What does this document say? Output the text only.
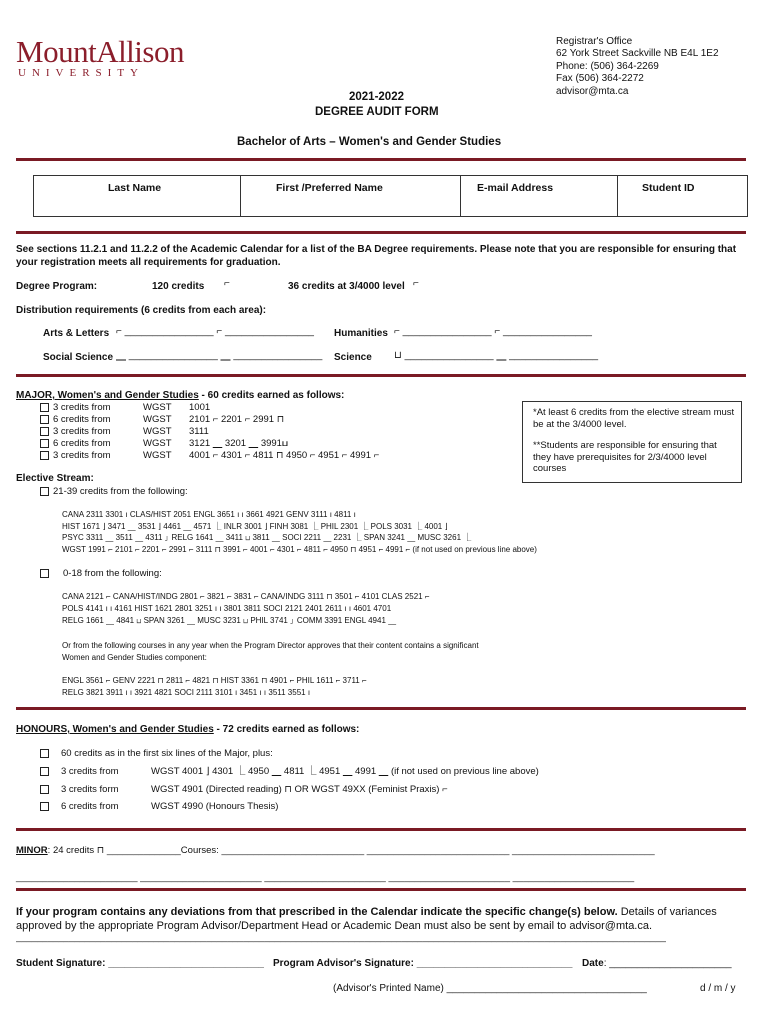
MountAllison
UNIVERSITY
Registrar's Office
62 York Street Sackville NB E4L 1E2
Phone: (506) 364-2269
Fax (506) 364-2272
advisor@mta.ca
2021-2022
DEGREE AUDIT FORM
Bachelor of Arts – Women's and Gender Studies
Last Name	First /Preferred Name	E-mail Address	Student ID
See sections 11.2.1 and 11.2.2 of the Academic Calendar for a list of the BA Degree requirements. Please note that you are responsible for ensuring that
your registration meets all requirements for graduation.
Degree Program:	120 credits ⌐	36 credits at 3/4000 level ⌐
Distribution requirements (6 credits from each area):
Arts & Letters ⌐ ________________ ⌐ ________________ Humanities ⌐ ________________ ⌐ ________________
Social Science ⎽ ________________ ⎽ ________________ Science ⊔ ________________ ⎽ ________________
MAJOR, Women's and Gender Studies - 60 credits earned as follows:
3 credits from	WGST 1001
6 credits from	WGST 2101 ⌐ 2201 ⌐ 2991 ⊓
3 credits from	WGST 3111
6 credits from	WGST 3121 ⎽ 3201 ⎽ 3991⊔
3 credits from	WGST 4001 ⌐ 4301 ⌐ 4811 ⊓ 4950 ⌐ 4951 ⌐ 4991 ⌐
*At least 6 credits from the elective stream must be at the 3/4000 level.
**Students are responsible for ensuring that they have prerequisites for 2/3/4000 level courses
Elective Stream:
21-39 credits from the following:
CANA 2311 3301 ı CLAS/HIST 2051 ENGL 3651 ı ı 3661 4921 GENV 3111 ı 4811 ı
HIST 1671 ⌋ 3471 ⎽ 3531 ⌋ 4461 ⎽ 4571 ⎿ INLR 3001 ⌋ FINH 3081 ⎿ PHIL 2301 ⎿ POLS 3031 ⎿ 4001 ⌋
PSYC 3311 ⎽ 3511 ⎽ 4311 ⌋ RELG 1641 ⎽ 3411 ⊔ 3811 ⎽ SOCI 2211 ⎽ 2231 ⎿ SPAN 3241 ⎽ MUSC 3261 ⎿
WGST 1991 ⌐ 2101 ⌐ 2201 ⌐ 2991 ⌐ 3111 ⊓ 3991 ⌐ 4001 ⌐ 4301 ⌐ 4811 ⌐ 4950 ⊓ 4951 ⌐ 4991 ⌐ (if not used on previous line above)
0-18 from the following:
CANA 2121 ⌐ CANA/HIST/INDG 2801 ⌐ 3821 ⌐ 3831 ⌐ CANA/INDG 3111 ⊓ 3501 ⌐ 4101 CLAS 2521 ⌐
POLS 4141 ı ı 4161 HIST 1621 2801 3251 ı ı 3801 3811 SOCI 2121 2401 2611 ı ı 4601 4701
RELG 1661 ⎽ 4841 ⊔ SPAN 3261 ⎽ MUSC 3231 ⊔ PHIL 3741 ⌋ COMM 3391 ENGL 4941 ⎽
Or from the following courses in any year when the Program Director approves that their content contains a significant
Women and Gender Studies component:
ENGL 3561 ⌐ GENV 2221 ⊓ 2811 ⌐ 4821 ⊓ HIST 3361 ⊓ 4901 ⌐ PHIL 1611 ⌐ 3711 ⌐
RELG 3821 3911 ı ı 3921 4821 SOCI 2111 3101 ı 3451 ı ı 3511 3551 ı
HONOURS, Women's and Gender Studies - 72 credits earned as follows:
60 credits as in the first six lines of the Major, plus:
3 credits from	WGST 4001 ⌋ 4301 ⎿ 4950 ⎽ 4811 ⎿ 4951 ⎽ 4991 ⎽ (if not used on previous line above)
3 credits form	WGST 4901 (Directed reading) ⊓ OR WGST 49XX (Feminist Praxis) ⌐
6 credits from	WGST 4990 (Honours Thesis)
MINOR: 24 credits ⊓ ______________Courses: ___________________________ ___________________________ ___________________________
_______________________ _______________________ _______________________ _______________________ _______________________
If your program contains any deviations from that prescribed in the Calendar indicate the specific change(s) below. Details of variances
approved by the appropriate Program Advisor/Department Head or Academic Dean must also be sent by email to advisor@mta.ca.
___________________________________________________________________________________________________________________________
Student Signature: ____________________________ Program Advisor's Signature: ____________________________ Date: ______________________
(Advisor's Printed Name) ____________________________________	d / m / y
